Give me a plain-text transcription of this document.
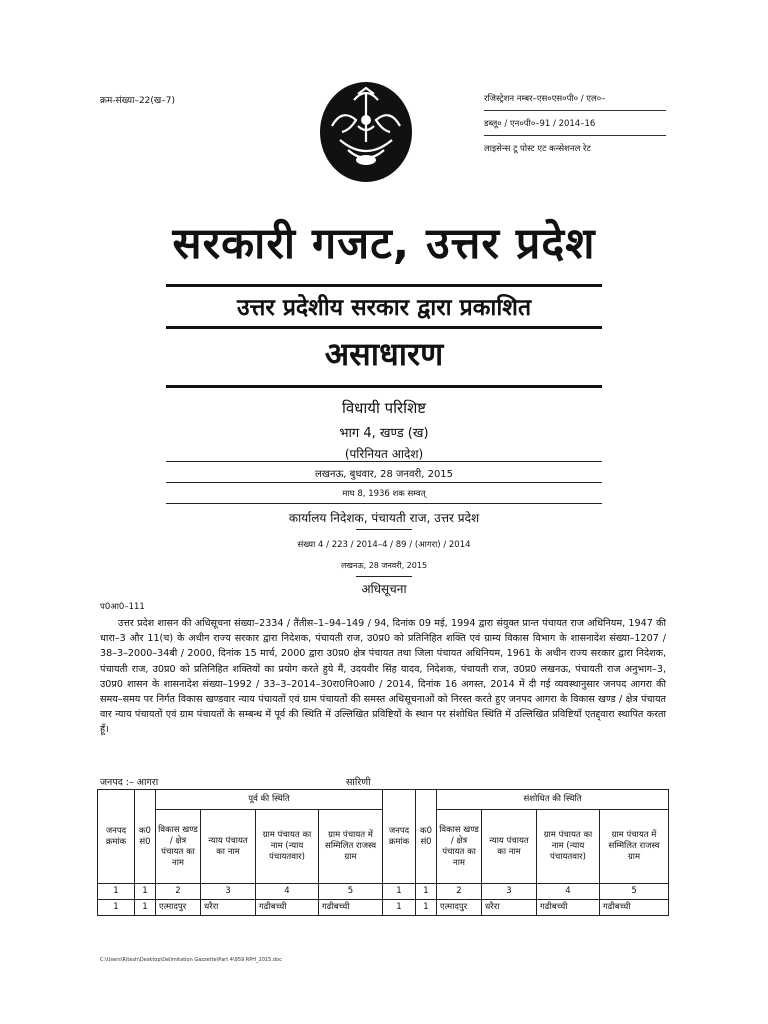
क्रम-संख्या–22(ख–7)	रजिस्ट्रेशन नम्बर–एस०एस०पी० / एल०–
डब्लू० / एन०पी०–91 / 2014–16
लाइसेन्स टू पोस्ट एट कन्सेशनल रेट
सरकारी गजट, उत्तर प्रदेश
उत्तर प्रदेशीय सरकार द्वारा प्रकाशित
असाधारण
विधायी परिशिष्ट
भाग 4, खण्ड (ख)
(परिनियत आदेश)
लखनऊ, बुधवार, 28 जनवरी, 2015
माघ 8, 1936 शक सम्वत्
कार्यालय निदेशक, पंचायती राज, उत्तर प्रदेश
संख्या 4 / 223 / 2014–4 / 89 / (आगरा) / 2014
लखनऊ, 28 जनवरी, 2015
अधिसूचना
प0आ0–111
उत्तर प्रदेश शासन की अधिसूचना संख्या–2334 / तैंतीस–1–94–149 / 94, दिनांक 09 मई, 1994 द्वारा संयुक्त प्रान्त पंचायत राज अधिनियम, 1947 की धारा–3 और 11(च) के अधीन राज्य सरकार द्वारा निदेशक, पंचायती राज, उ0प्र0 को प्रतिनिहित शक्ति एवं ग्राम्य विकास विभाग के शासनादेश संख्या–1207 / 38–3–2000–34बी / 2000, दिनांक 15 मार्च, 2000 द्वारा उ0प्र0 क्षेत्र पंचायत तथा जिला पंचायत अधिनियम, 1961 के अधीन राज्य सरकार द्वारा निदेशक, पंचायती राज, उ0प्र0 को प्रतिनिहित शक्तियों का प्रयोग करते हुये मैं, उदयवीर सिंह यादव, निदेशक, पंचायती राज, उ0प्र0 लखनऊ, पंचायती राज अनुभाग–3, उ0प्र0 शासन के शासनादेश संख्या–1992 / 33–3–2014–30रा0नि0आ0 / 2014, दिनांक 16 अगस्त, 2014 में दी गई व्यवस्थानुसार जनपद आगरा की समय–समय पर निर्गत विकास खण्डवार न्याय पंचायतों एवं ग्राम पंचायतों की समस्त अधिसूचनाओं को निरस्त करते हुए जनपद आगरा के विकास खण्ड / क्षेत्र पंचायत वार न्याय पंचायतों एवं ग्राम पंचायतों के सम्बन्ध में पूर्व की स्थिति में उल्लिखित प्रविष्टियों के स्थान पर संशोधित स्थिति में उल्लिखित प्रविष्टियाँ एतद्द्वारा स्थापित करता हूँ।
जनपद :– आगरा	सारिणी
जनपद क्रमांक	क0 सं0	पूर्व की स्थिति				जनपद क्रमांक	क0 सं0	संशोधित की स्थिति			
		विकास खण्ड / क्षेत्र पंचायत का नाम	न्याय पंचायत का नाम	ग्राम पंचायत का नाम (न्याय पंचायतवार)	ग्राम पंचायत में सम्मिलित राजस्व ग्राम			विकास खण्ड / क्षेत्र पंचायत का नाम	न्याय पंचायत का नाम	ग्राम पंचायत का नाम (न्याय पंचायतवार)	ग्राम पंचायत में सम्मिलित राजस्व ग्राम
1	1	2	3	4	5	1	1	2	3	4	5
1	1	एत्मादपुर	धरैरा	गढीबच्ची	गढीबच्ची	1	1	एत्मादपुर	धरैरा	गढीबच्ची	गढीबच्ची
C:\Users\Ritesh\Desktop\Delimitation Gazzette\Part 4\959 RPH_2015.doc
